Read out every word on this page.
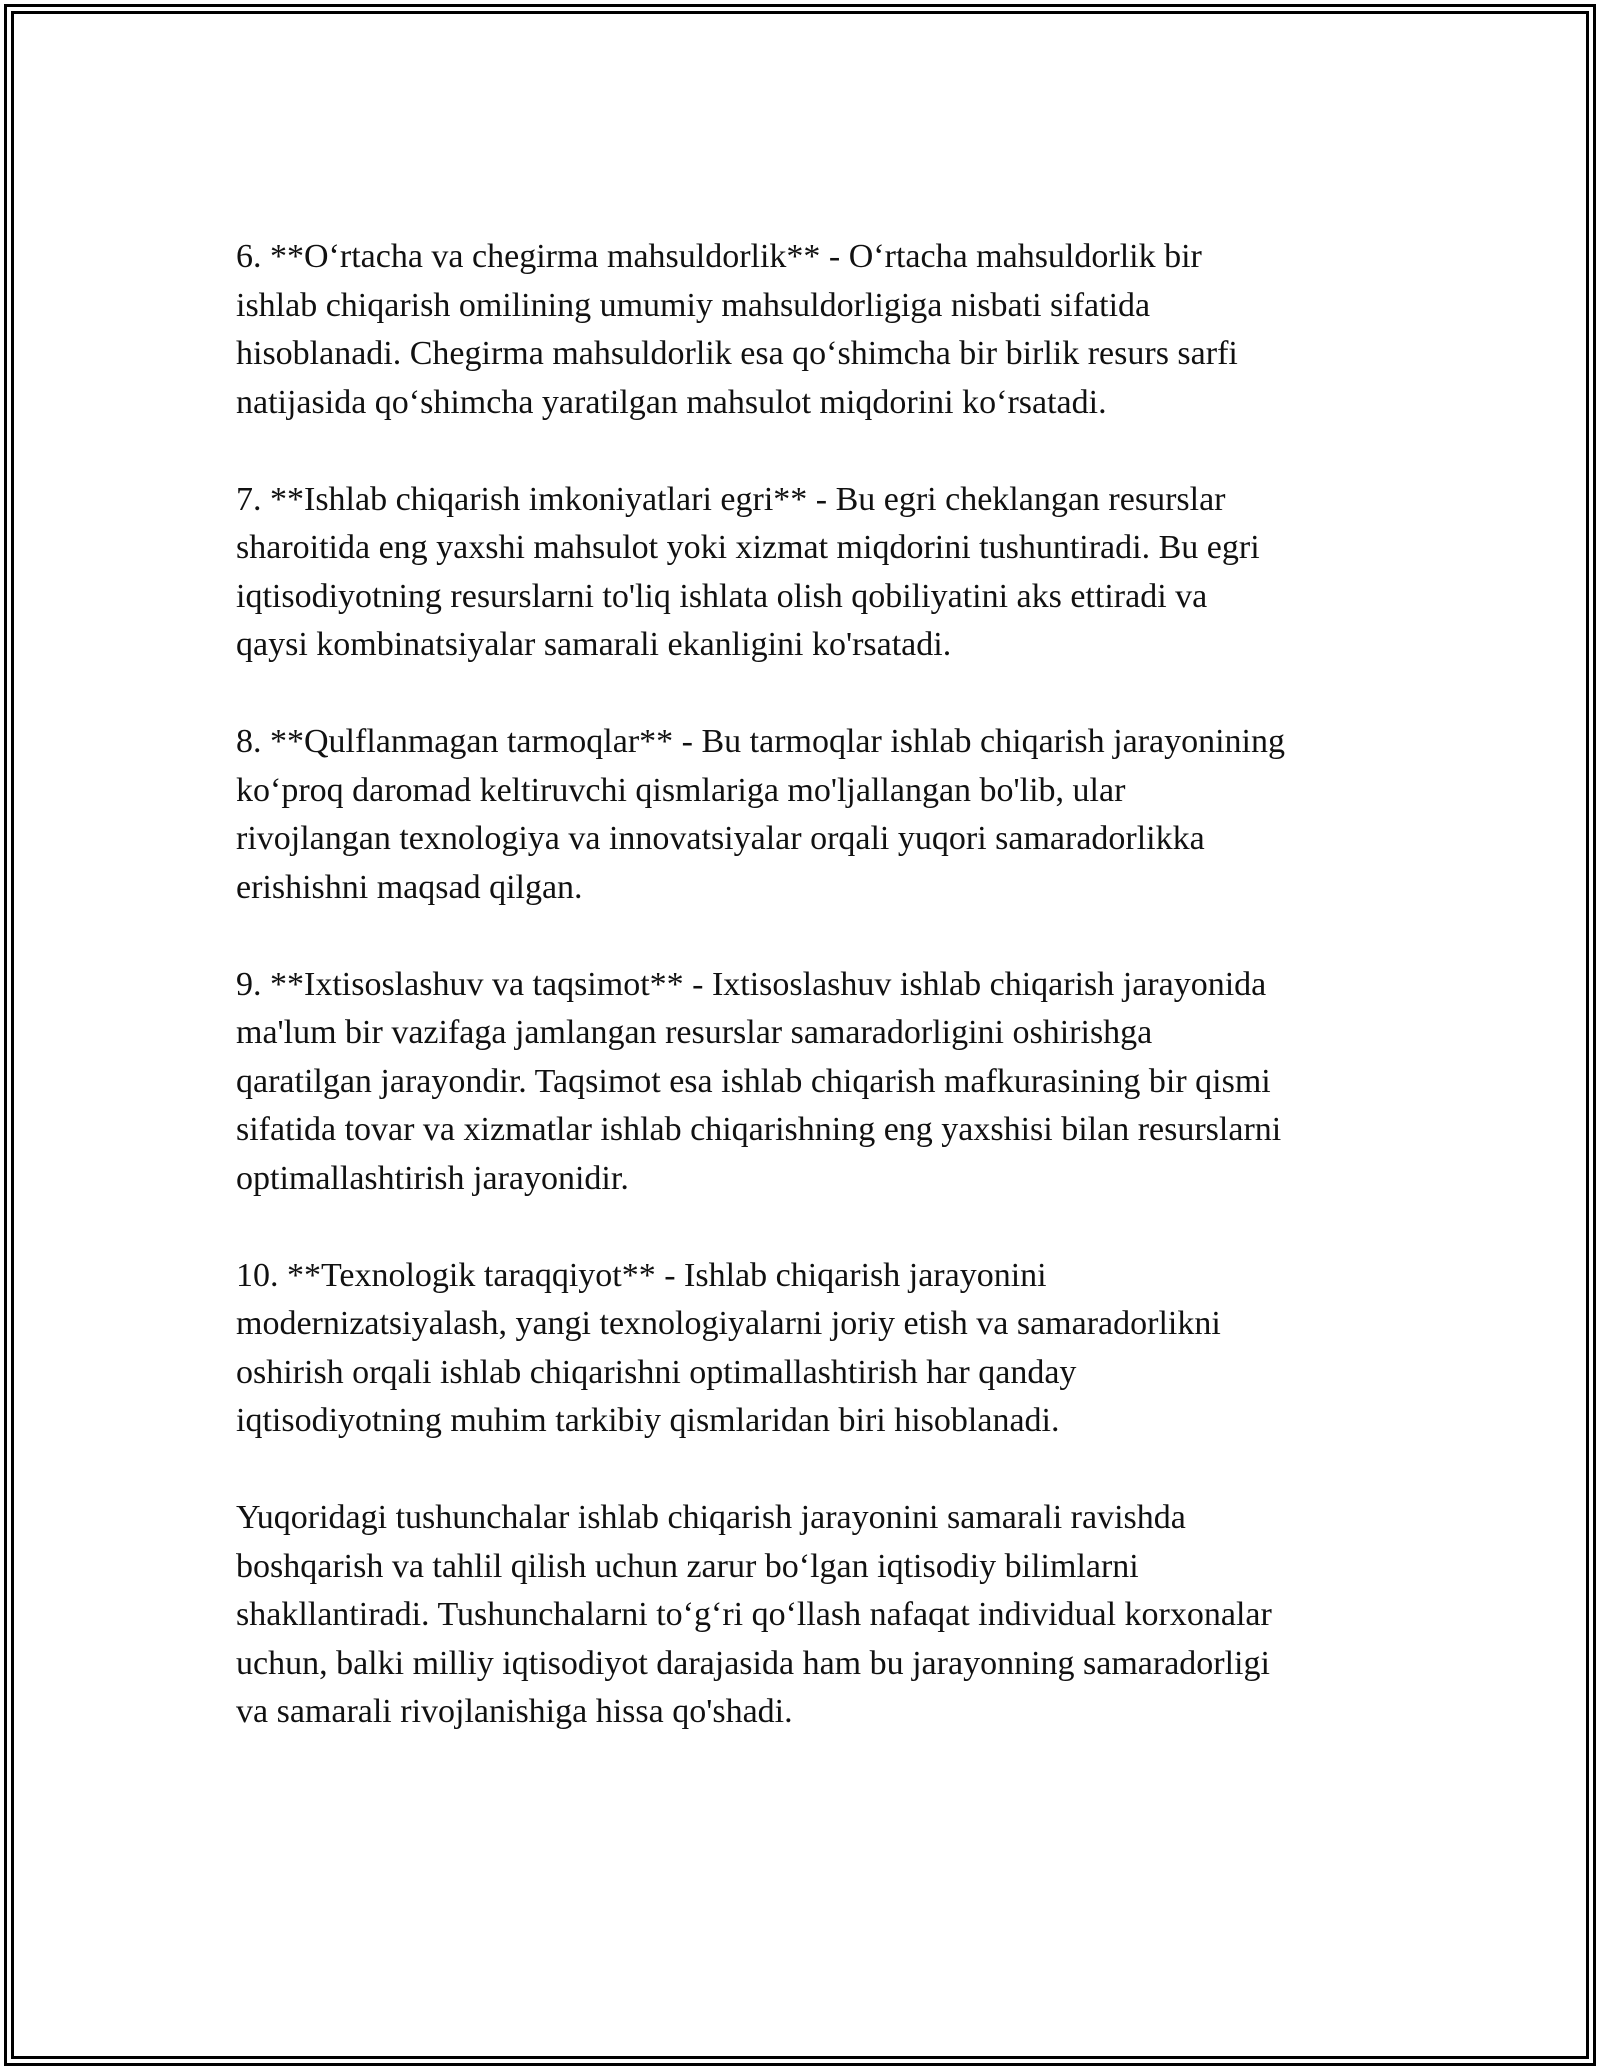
6. **O‘rtacha va chegirma mahsuldorlik** - O‘rtacha mahsuldorlik bir
ishlab chiqarish omilining umumiy mahsuldorligiga nisbati sifatida
hisoblanadi. Chegirma mahsuldorlik esa qo‘shimcha bir birlik resurs sarfi
natijasida qo‘shimcha yaratilgan mahsulot miqdorini ko‘rsatadi.

7. **Ishlab chiqarish imkoniyatlari egri** - Bu egri cheklangan resurslar
sharoitida eng yaxshi mahsulot yoki xizmat miqdorini tushuntiradi. Bu egri
iqtisodiyotning resurslarni to'liq ishlata olish qobiliyatini aks ettiradi va
qaysi kombinatsiyalar samarali ekanligini ko'rsatadi.

8. **Qulflanmagan tarmoqlar** - Bu tarmoqlar ishlab chiqarish jarayonining
ko‘proq daromad keltiruvchi qismlariga mo'ljallangan bo'lib, ular
rivojlangan texnologiya va innovatsiyalar orqali yuqori samaradorlikka
erishishni maqsad qilgan.

9. **Ixtisoslashuv va taqsimot** - Ixtisoslashuv ishlab chiqarish jarayonida
ma'lum bir vazifaga jamlangan resurslar samaradorligini oshirishga
qaratilgan jarayondir. Taqsimot esa ishlab chiqarish mafkurasining bir qismi
sifatida tovar va xizmatlar ishlab chiqarishning eng yaxshisi bilan resurslarni
optimallashtirish jarayonidir.

10. **Texnologik taraqqiyot** - Ishlab chiqarish jarayonini
modernizatsiyalash, yangi texnologiyalarni joriy etish va samaradorlikni
oshirish orqali ishlab chiqarishni optimallashtirish har qanday
iqtisodiyotning muhim tarkibiy qismlaridan biri hisoblanadi.

Yuqoridagi tushunchalar ishlab chiqarish jarayonini samarali ravishda
boshqarish va tahlil qilish uchun zarur bo‘lgan iqtisodiy bilimlarni
shakllantiradi. Tushunchalarni to‘g‘ri qo‘llash nafaqat individual korxonalar
uchun, balki milliy iqtisodiyot darajasida ham bu jarayonning samaradorligi
va samarali rivojlanishiga hissa qo'shadi.
